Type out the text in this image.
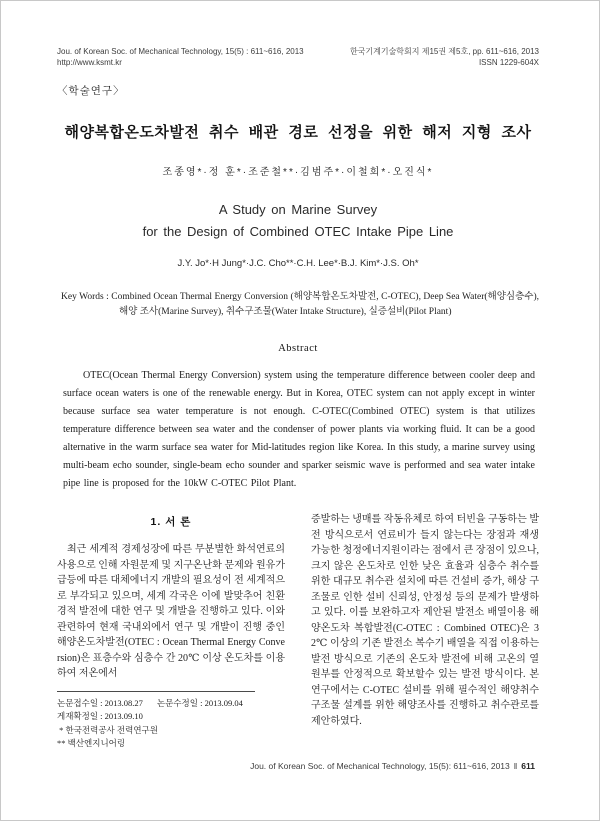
Jou. of Korean Soc. of Mechanical Technology, 15(5) : 611~616, 2013
http://www.ksmt.kr
한국기계기술학회지 제15권 제5호, pp. 611~616, 2013
ISSN 1229-604X
〈학술연구〉
해양복합온도차발전 취수 배관 경로 선정을 위한 해저 지형 조사
조종영*·정 훈*·조준철**·김범주*·이철희*·오진식*
A Study on Marine Survey
for the Design of Combined OTEC Intake Pipe Line
J.Y. Jo*·H Jung*·J.C. Cho**·C.H. Lee*·B.J. Kim*·J.S. Oh*
Key Words : Combined Ocean Thermal Energy Conversion (해양복합온도차발전, C-OTEC), Deep Sea Water(해양심층수), 해양 조사(Marine Survey), 취수구조물(Water Intake Structure), 실증설비(Pilot Plant)
Abstract
OTEC(Ocean Thermal Energy Conversion) system using the temperature difference between cooler deep and surface ocean waters is one of the renewable energy. But in Korea, OTEC system can not apply except in winter because surface sea water temperature is not enough. C-OTEC(Combined OTEC) system is that utilizes temperature difference between sea water and the condenser of power plants via working fluid. It can be a good alternative in the warm surface sea water for Mid-latitudes region like Korea. In this study, a marine survey using multi-beam echo sounder, single-beam echo sounder and sparker seismic wave is performed and sea water intake pipe line is proposed for the 10kW C-OTEC Pilot Plant.
1. 서 론
최근 세계적 경제성장에 따른 무분별한 화석연료의 사용으로 인해 자원문제 및 지구온난화 문제와 원유가 급등에 따른 대체에너지 개발의 필요성이 전 세계적으로 부각되고 있으며, 세계 각국은 이에 발맞추어 친환경적 발전에 대한 연구 및 개발을 진행하고 있다. 이와 관련하여 현재 국내외에서 연구 및 개발이 진행 중인 해양온도차발전(OTEC : Ocean Thermal Energy Conversion)은 표층수와 심층수 간 20℃ 이상 온도차를 이용하여 저온에서
논문접수일 : 2013.08.27 논문수정일 : 2013.09.04
게재확정일 : 2013.09.10
* 한국전력공사 전력연구원
** 백산엔지니어링
증발하는 냉매를 작동유체로 하여 터빈을 구동하는 발전 방식으로서 연료비가 들지 않는다는 장점과 재생 가능한 청정에너지원이라는 점에서 큰 장점이 있으나, 크지 않은 온도차로 인한 낮은 효율과 심층수 취수를 위한 대규모 취수관 설치에 따른 건설비 증가, 해상 구조물로 인한 설비 신뢰성, 안정성 등의 문제가 발생하고 있다. 이를 보완하고자 제안된 발전소 배열이용 해양온도차 복합발전(C-OTEC : Combined OTEC)은 32℃ 이상의 기존 발전소 복수기 배열을 직접 이용하는 발전 방식으로 기존의 온도차 발전에 비해 고온의 열원부를 안정적으로 확보할수 있는 발전 방식이다. 본 연구에서는 C-OTEC 설비를 위해 필수적인 해양취수구조물 설계를 위한 해양조사를 진행하고 취수관로를 제안하였다.
Jou. of Korean Soc. of Mechanical Technology, 15(5): 611~616, 2013 ‖ 611
